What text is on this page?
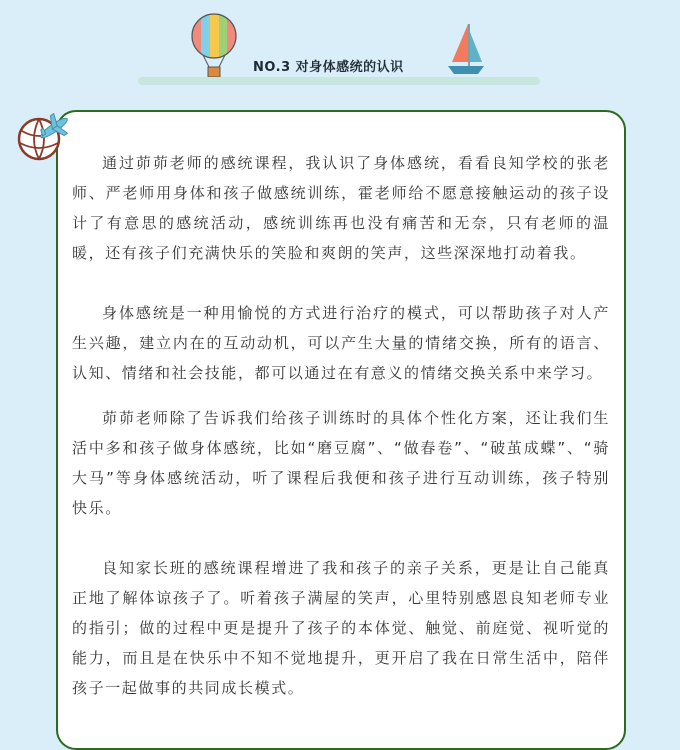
NO.3 对身体感统的认识

通过茆茆老师的感统课程，我认识了身体感统，看看良知学校的张老师、严老师用身体和孩子做感统训练，霍老师给不愿意接触运动的孩子设计了有意思的感统活动，感统训练再也没有痛苦和无奈，只有老师的温暖，还有孩子们充满快乐的笑脸和爽朗的笑声，这些深深地打动着我。

身体感统是一种用愉悦的方式进行治疗的模式，可以帮助孩子对人产生兴趣，建立内在的互动动机，可以产生大量的情绪交换，所有的语言、认知、情绪和社会技能，都可以通过在有意义的情绪交换关系中来学习。

茆茆老师除了告诉我们给孩子训练时的具体个性化方案，还让我们生活中多和孩子做身体感统，比如“磨豆腐”、“做春卷”、“破茧成蝶”、“骑大马”等身体感统活动，听了课程后我便和孩子进行互动训练，孩子特别快乐。

良知家长班的感统课程增进了我和孩子的亲子关系，更是让自己能真正地了解体谅孩子了。听着孩子满屋的笑声，心里特别感恩良知老师专业的指引；做的过程中更是提升了孩子的本体觉、触觉、前庭觉、视听觉的能力，而且是在快乐中不知不觉地提升，更开启了我在日常生活中，陪伴孩子一起做事的共同成长模式。
